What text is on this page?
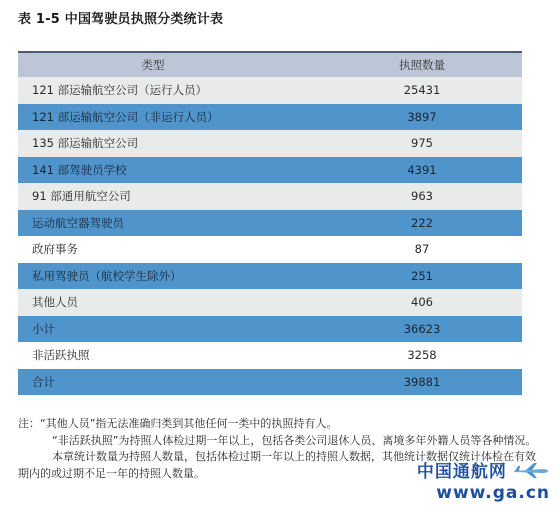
表 1-5 中国驾驶员执照分类统计表
类型	执照数量
121 部运输航空公司（运行人员）	25431
121 部运输航空公司（非运行人员）	3897
135 部运输航空公司	975
141 部驾驶员学校	4391
91 部通用航空公司	963
运动航空器驾驶员	222
政府事务	87
私用驾驶员（航校学生除外）	251
其他人员	406
小计	36623
非活跃执照	3258
合计	39881

注：“其他人员”指无法准确归类到其他任何一类中的执照持有人。

“非活跃执照”为持照人体检过期一年以上，包括各类公司退休人员、离境多年外籍人员等各种情况。

本章统计数量为持照人数量，包括体检过期一年以上的持照人数据，其他统计数据仅统计体检在有效期内的或过期不足一年的持照人数量。	中国通航网
www.ga.cn
